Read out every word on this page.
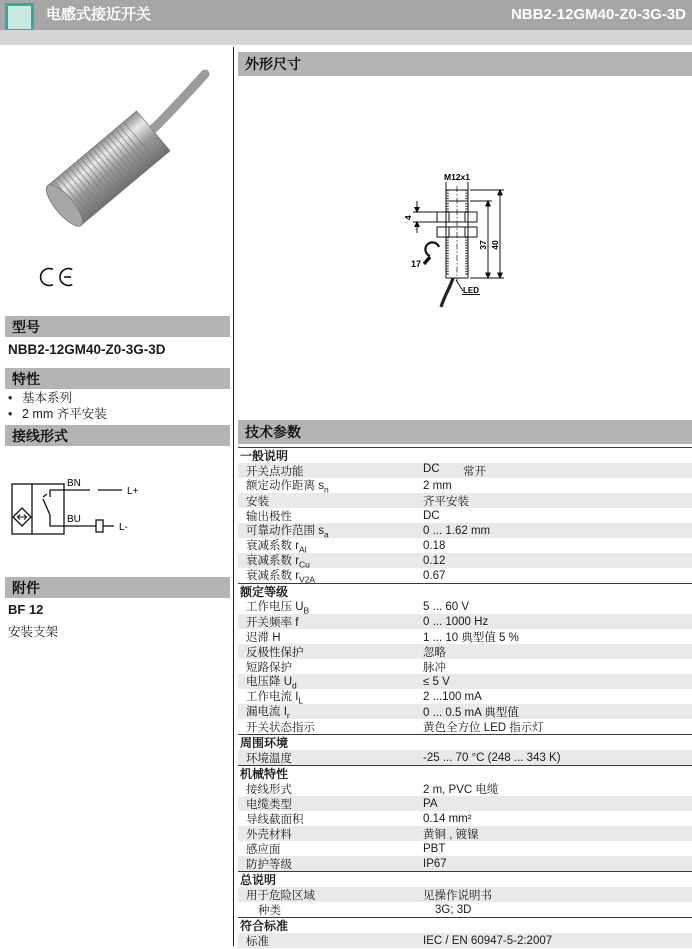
电感式接近开关	NBB2-12GM40-Z0-3G-3D
型号
NBB2-12GM40-Z0-3G-3D
特性
• 基本系列
• 2 mm 齐平安装
接线形式
BN
BU
L+
L-
附件
BF 12
安装支架
外形尺寸
M12x1
4
17
37 40
LED
技术参数
一般说明
开关点功能	DC	常开
额定动作距离 $s_n$	2 mm
安装	齐平安装
输出极性	DC
可靠动作范围 $s_a$	0 ... 1.62 mm
衰减系数 $r_{Al}$	0.18
衰减系数 $r_{Cu}$	0.12
衰减系数 $r_{V2A}$	0.67
额定等级
工作电压 $U_B$	5 ... 60 V
开关频率 f	0 ... 1000 Hz
迟滞 H	1 ... 10 典型值 5 %
反极性保护	忽略
短路保护	脉冲
电压降 $U_d$	≤ 5 V
工作电流 $I_L$	2 ...100 mA
漏电流 $I_r$	0 ... 0.5 mA 典型值
开关状态指示	黄色全方位 LED 指示灯
周围环境
环境温度	-25 ... 70 °C (248 ... 343 K)
机械特性
接线形式	2 m, PVC 电缆
电缆类型	PA
导线截面积	0.14 mm²
外壳材料	黄铜 , 镀镍
感应面	PBT
防护等级	IP67
总说明
用于危险区域	见操作说明书
种类	3G; 3D
符合标准
标准	IEC / EN 60947-5-2:2007
